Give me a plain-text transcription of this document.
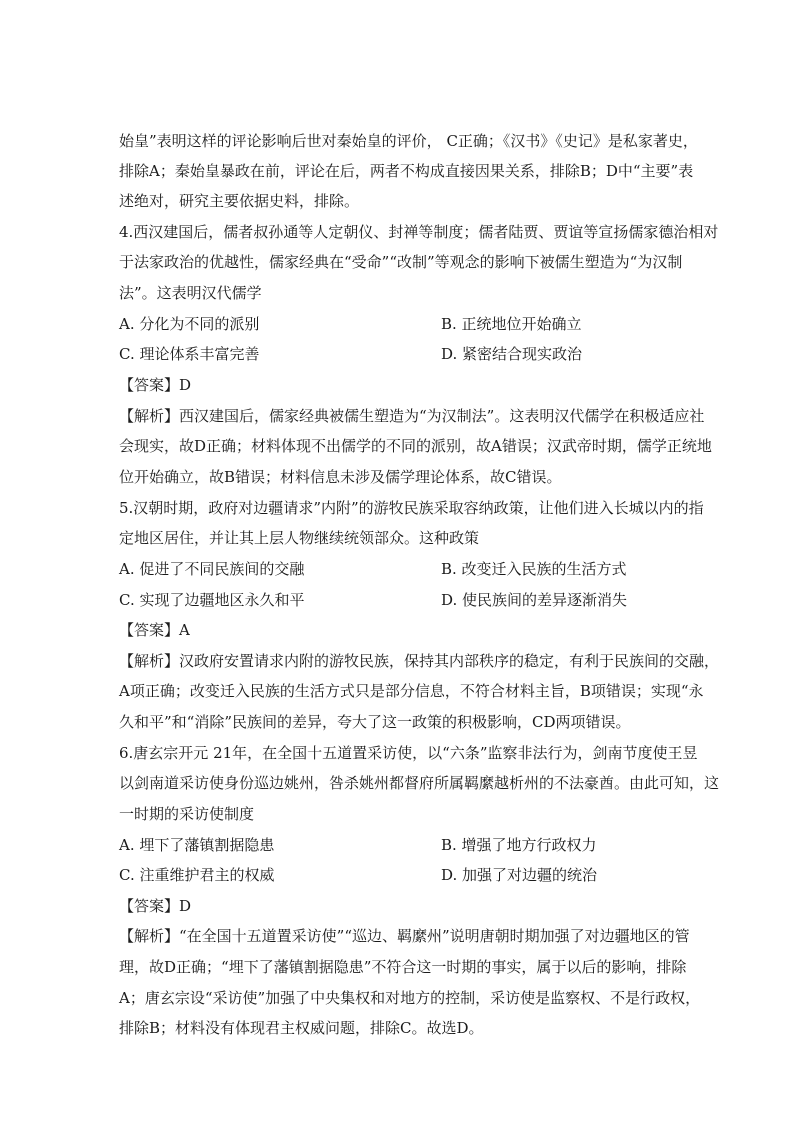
始皇”表明这样的评论影响后世对秦始皇的评价， C正确；《汉书》《史记》是私家著史，
排除A；秦始皇暴政在前，评论在后，两者不构成直接因果关系，排除B；D中“主要”表
述绝对，研究主要依据史料，排除。
4.西汉建国后，儒者叔孙通等人定朝仪、封禅等制度；儒者陆贾、贾谊等宣扬儒家德治相对
于法家政治的优越性，儒家经典在“受命”“改制”等观念的影响下被儒生塑造为“为汉制
法”。这表明汉代儒学
A. 分化为不同的派别	B. 正统地位开始确立
C. 理论体系丰富完善	D. 紧密结合现实政治
【答案】D
【解析】西汉建国后，儒家经典被儒生塑造为“为汉制法”。这表明汉代儒学在积极适应社
会现实，故D正确；材料体现不出儒学的不同的派别，故A错误；汉武帝时期，儒学正统地
位开始确立，故B错误；材料信息未涉及儒学理论体系，故C错误。
5.汉朝时期，政府对边疆请求”内附”的游牧民族采取容纳政策，让他们进入长城以内的指
定地区居住，并让其上层人物继续统领部众。这种政策
A. 促进了不同民族间的交融	B. 改变迁入民族的生活方式
C. 实现了边疆地区永久和平	D. 使民族间的差异逐渐消失
【答案】A
【解析】汉政府安置请求内附的游牧民族，保持其内部秩序的稳定，有利于民族间的交融，
A项正确；改变迁入民族的生活方式只是部分信息，不符合材料主旨，B项错误；实现“永
久和平”和“消除”民族间的差异，夸大了这一政策的积极影响，CD两项错误。
6.唐玄宗开元 21年，在全国十五道置采访使，以“六条”监察非法行为，剑南节度使王昱
以剑南道采访使身份巡边姚州，咎杀姚州都督府所属羁縻越析州的不法豪酋。由此可知，这
一时期的采访使制度
A. 埋下了藩镇割据隐患	B. 增强了地方行政权力
C. 注重维护君主的权威	D. 加强了对边疆的统治
【答案】D
【解析】“在全国十五道置采访使”“巡边、羁縻州”说明唐朝时期加强了对边疆地区的管
理，故D正确；“埋下了藩镇割据隐患”不符合这一时期的事实，属于以后的影响，排除
A；唐玄宗设“采访使”加强了中央集权和对地方的控制，采访使是监察权、不是行政权，
排除B；材料没有体现君主权威问题，排除C。故选D。
